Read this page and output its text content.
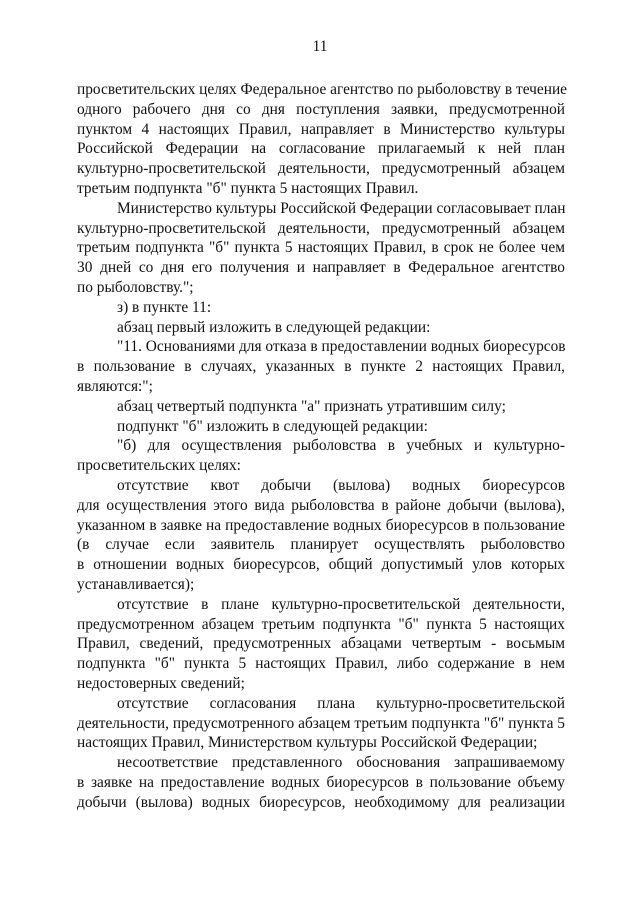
11
просветительских целях Федеральное агентство по рыболовству в течение
одного рабочего дня со дня поступления заявки, предусмотренной
пунктом 4 настоящих Правил, направляет в Министерство культуры
Российской Федерации на согласование прилагаемый к ней план
культурно-просветительской деятельности, предусмотренный абзацем
третьим подпункта "б" пункта 5 настоящих Правил.
Министерство культуры Российской Федерации согласовывает план
культурно-просветительской деятельности, предусмотренный абзацем
третьим подпункта "б" пункта 5 настоящих Правил, в срок не более чем
30 дней со дня его получения и направляет в Федеральное агентство
по рыболовству.";
з) в пункте 11:
абзац первый изложить в следующей редакции:
"11. Основаниями для отказа в предоставлении водных биоресурсов
в пользование в случаях, указанных в пункте 2 настоящих Правил,
являются:";
абзац четвертый подпункта "а" признать утратившим силу;
подпункт "б" изложить в следующей редакции:
"б) для осуществления рыболовства в учебных и культурно-
просветительских целях:
отсутствие квот добычи (вылова) водных биоресурсов
для осуществления этого вида рыболовства в районе добычи (вылова),
указанном в заявке на предоставление водных биоресурсов в пользование
(в случае если заявитель планирует осуществлять рыболовство
в отношении водных биоресурсов, общий допустимый улов которых
устанавливается);
отсутствие в плане культурно-просветительской деятельности,
предусмотренном абзацем третьим подпункта "б" пункта 5 настоящих
Правил, сведений, предусмотренных абзацами четвертым - восьмым
подпункта "б" пункта 5 настоящих Правил, либо содержание в нем
недостоверных сведений;
отсутствие согласования плана культурно-просветительской
деятельности, предусмотренного абзацем третьим подпункта "б" пункта 5
настоящих Правил, Министерством культуры Российской Федерации;
несоответствие представленного обоснования запрашиваемому
в заявке на предоставление водных биоресурсов в пользование объему
добычи (вылова) водных биоресурсов, необходимому для реализации
